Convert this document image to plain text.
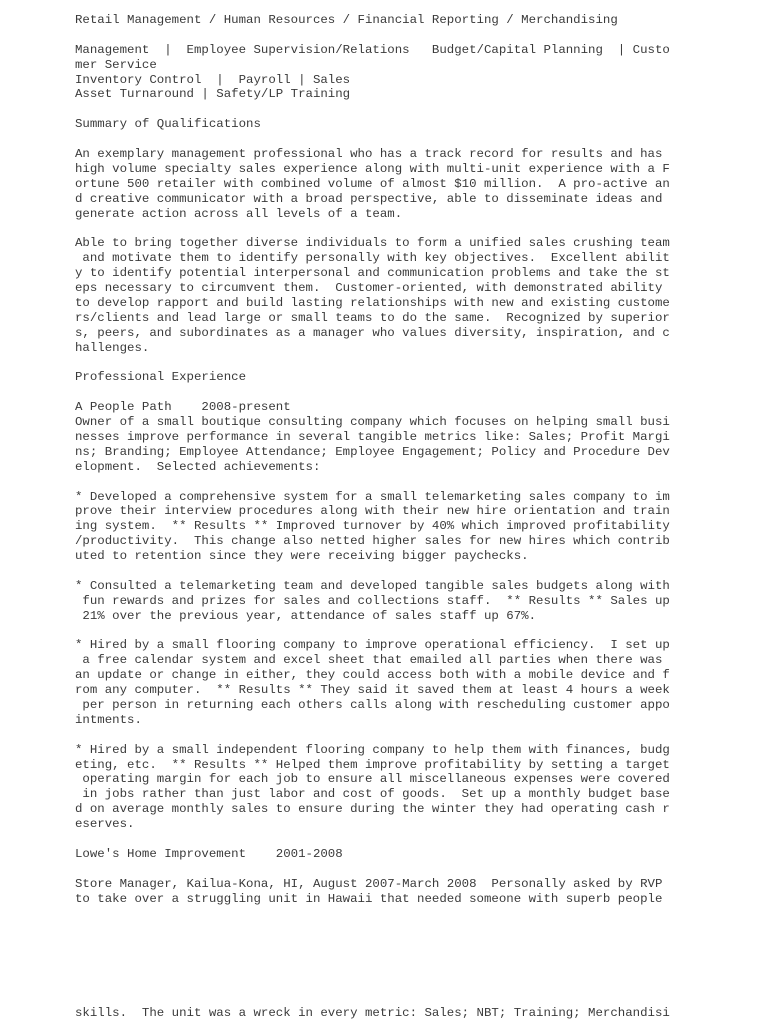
Retail Management / Human Resources / Financial Reporting / Merchandising
Management  |  Employee Supervision/Relations   Budget/Capital Planning  | Custo
mer Service
Inventory Control  |  Payroll | Sales
Asset Turnaround | Safety/LP Training
Summary of Qualifications
An exemplary management professional who has a track record for results and has
high volume specialty sales experience along with multi-unit experience with a F
ortune 500 retailer with combined volume of almost $10 million.  A pro-active an
d creative communicator with a broad perspective, able to disseminate ideas and
generate action across all levels of a team.
Able to bring together diverse individuals to form a unified sales crushing team
and motivate them to identify personally with key objectives.  Excellent abilit
y to identify potential interpersonal and communication problems and take the st
eps necessary to circumvent them.  Customer-oriented, with demonstrated ability
to develop rapport and build lasting relationships with new and existing custome
rs/clients and lead large or small teams to do the same.  Recognized by superior
s, peers, and subordinates as a manager who values diversity, inspiration, and c
hallenges.
Professional Experience
A People Path    2008-present
Owner of a small boutique consulting company which focuses on helping small busi
nesses improve performance in several tangible metrics like: Sales; Profit Margi
ns; Branding; Employee Attendance; Employee Engagement; Policy and Procedure Dev
elopment.  Selected achievements:
* Developed a comprehensive system for a small telemarketing sales company to im
prove their interview procedures along with their new hire orientation and train
ing system.  ** Results ** Improved turnover by 40% which improved profitability
/productivity.  This change also netted higher sales for new hires which contrib
uted to retention since they were receiving bigger paychecks.
* Consulted a telemarketing team and developed tangible sales budgets along with
fun rewards and prizes for sales and collections staff.  ** Results ** Sales up
21% over the previous year, attendance of sales staff up 67%.
* Hired by a small flooring company to improve operational efficiency.  I set up
a free calendar system and excel sheet that emailed all parties when there was
an update or change in either, they could access both with a mobile device and f
rom any computer.  ** Results ** They said it saved them at least 4 hours a week
per person in returning each others calls along with rescheduling customer appo
intments.
* Hired by a small independent flooring company to help them with finances, budg
eting, etc.  ** Results ** Helped them improve profitability by setting a target
operating margin for each job to ensure all miscellaneous expenses were covered
in jobs rather than just labor and cost of goods.  Set up a monthly budget base
d on average monthly sales to ensure during the winter they had operating cash r
eserves.
Lowe's Home Improvement    2001-2008
Store Manager, Kailua-Kona, HI, August 2007-March 2008  Personally asked by RVP
to take over a struggling unit in Hawaii that needed someone with superb people
skills.  The unit was a wreck in every metric: Sales; NBT; Training; Merchandisi
